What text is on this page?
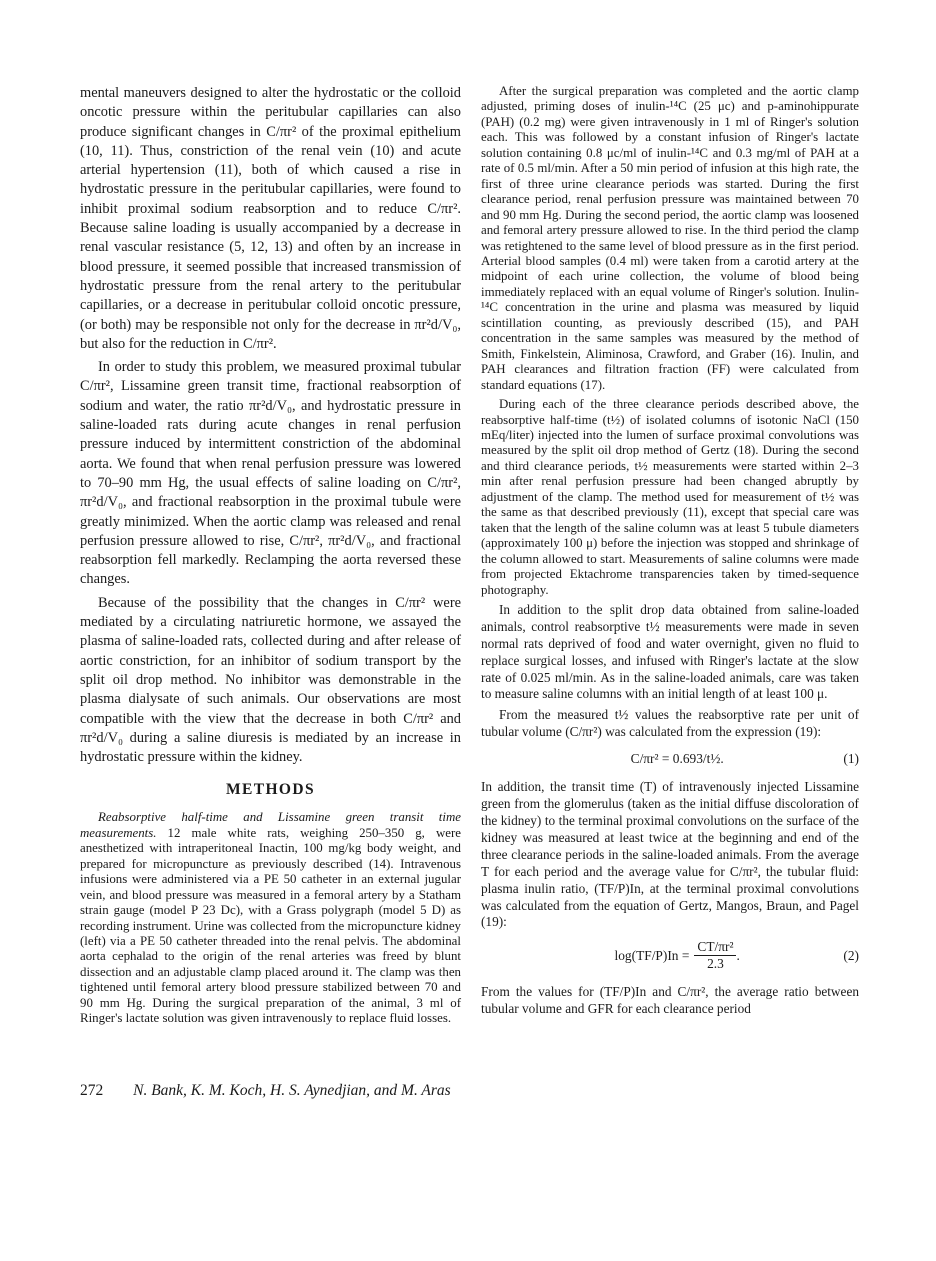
mental maneuvers designed to alter the hydrostatic or the colloid oncotic pressure within the peritubular capillaries can also produce significant changes in C/πr² of the proximal epithelium (10, 11). Thus, constriction of the renal vein (10) and acute arterial hypertension (11), both of which caused a rise in hydrostatic pressure in the peritubular capillaries, were found to inhibit proximal sodium reabsorption and to reduce C/πr². Because saline loading is usually accompanied by a decrease in renal vascular resistance (5, 12, 13) and often by an increase in blood pressure, it seemed possible that increased transmission of hydrostatic pressure from the renal artery to the peritubular capillaries, or a decrease in peritubular colloid oncotic pressure, (or both) may be responsible not only for the decrease in πr²d/V₀, but also for the reduction in C/πr².

In order to study this problem, we measured proximal tubular C/πr², Lissamine green transit time, fractional reabsorption of sodium and water, the ratio πr²d/V₀, and hydrostatic pressure in saline-loaded rats during acute changes in renal perfusion pressure induced by intermittent constriction of the abdominal aorta. We found that when renal perfusion pressure was lowered to 70–90 mm Hg, the usual effects of saline loading on C/πr², πr²d/V₀, and fractional reabsorption in the proximal tubule were greatly minimized. When the aortic clamp was released and renal perfusion pressure allowed to rise, C/πr², πr²d/V₀, and fractional reabsorption fell markedly. Reclamping the aorta reversed these changes.

Because of the possibility that the changes in C/πr² were mediated by a circulating natriuretic hormone, we assayed the plasma of saline-loaded rats, collected during and after release of aortic constriction, for an inhibitor of sodium transport by the split oil drop method. No inhibitor was demonstrable in the plasma dialysate of such animals. Our observations are most compatible with the view that the decrease in both C/πr² and πr²d/V₀ during a saline diuresis is mediated by an increase in hydrostatic pressure within the kidney.

METHODS

Reabsorptive half-time and Lissamine green transit time measurements. 12 male white rats, weighing 250–350 g, were anesthetized with intraperitoneal Inactin, 100 mg/kg body weight, and prepared for micropuncture as previously described (14). Intravenous infusions were administered via a PE 50 catheter in an external jugular vein, and blood pressure was measured in a femoral artery by a Statham strain gauge (model P 23 Dc), with a Grass polygraph (model 5 D) as recording instrument. Urine was collected from the micropuncture kidney (left) via a PE 50 catheter threaded into the renal pelvis. The abdominal aorta cephalad to the origin of the renal arteries was freed by blunt dissection and an adjustable clamp placed around it. The clamp was then tightened until femoral artery blood pressure stabilized between 70 and 90 mm Hg. During the surgical preparation of the animal, 3 ml of Ringer's lactate solution was given intravenously to replace fluid losses.

After the surgical preparation was completed and the aortic clamp adjusted, priming doses of inulin-¹⁴C (25 μc) and p-aminohippurate (PAH) (0.2 mg) were given intravenously in 1 ml of Ringer's solution each. This was followed by a constant infusion of Ringer's lactate solution containing 0.8 μc/ml of inulin-¹⁴C and 0.3 mg/ml of PAH at a rate of 0.5 ml/min. After a 50 min period of infusion at this high rate, the first of three urine clearance periods was started. During the first clearance period, renal perfusion pressure was maintained between 70 and 90 mm Hg. During the second period, the aortic clamp was loosened and femoral artery pressure allowed to rise. In the third period the clamp was retightened to the same level of blood pressure as in the first period. Arterial blood samples (0.4 ml) were taken from a carotid artery at the midpoint of each urine collection, the volume of blood being immediately replaced with an equal volume of Ringer's solution. Inulin-¹⁴C concentration in the urine and plasma was measured by liquid scintillation counting, as previously described (15), and PAH concentration in the same samples was measured by the method of Smith, Finkelstein, Aliminosa, Crawford, and Graber (16). Inulin, and PAH clearances and filtration fraction (FF) were calculated from standard equations (17).

During each of the three clearance periods described above, the reabsorptive half-time (t½) of isolated columns of isotonic NaCl (150 mEq/liter) injected into the lumen of surface proximal convolutions was measured by the split oil drop method of Gertz (18). During the second and third clearance periods, t½ measurements were started within 2–3 min after renal perfusion pressure had been changed abruptly by adjustment of the clamp. The method used for measurement of t½ was the same as that described previously (11), except that special care was taken that the length of the saline column was at least 5 tubule diameters (approximately 100 μ) before the injection was stopped and shrinkage of the column allowed to start. Measurements of saline columns were made from projected Ektachrome transparencies taken by timed-sequence photography.

In addition to the split drop data obtained from saline-loaded animals, control reabsorptive t½ measurements were made in seven normal rats deprived of food and water overnight, given no fluid to replace surgical losses, and infused with Ringer's lactate at the slow rate of 0.025 ml/min. As in the saline-loaded animals, care was taken to measure saline columns with an initial length of at least 100 μ.

From the measured t½ values the reabsorptive rate per unit of tubular volume (C/πr²) was calculated from the expression (19):

C/πr² = 0.693/t½.	(1)

In addition, the transit time (T) of intravenously injected Lissamine green from the glomerulus (taken as the initial diffuse discoloration of the kidney) to the terminal proximal convolutions on the surface of the kidney was measured at least twice at the beginning and end of the three clearance periods in the saline-loaded animals. From the average T for each period and the average value for C/πr², the tubular fluid: plasma inulin ratio, (TF/P)In, at the terminal proximal convolutions was calculated from the equation of Gertz, Mangos, Braun, and Pagel (19):

$\log(TF/P)In = \frac{\text{CT/πr²}}{2.3}$ .	(2)

From the values for (TF/P)In and C/πr², the average ratio between tubular volume and GFR for each clearance period

272 N. Bank, K. M. Koch, H. S. Aynedjian, and M. Aras
